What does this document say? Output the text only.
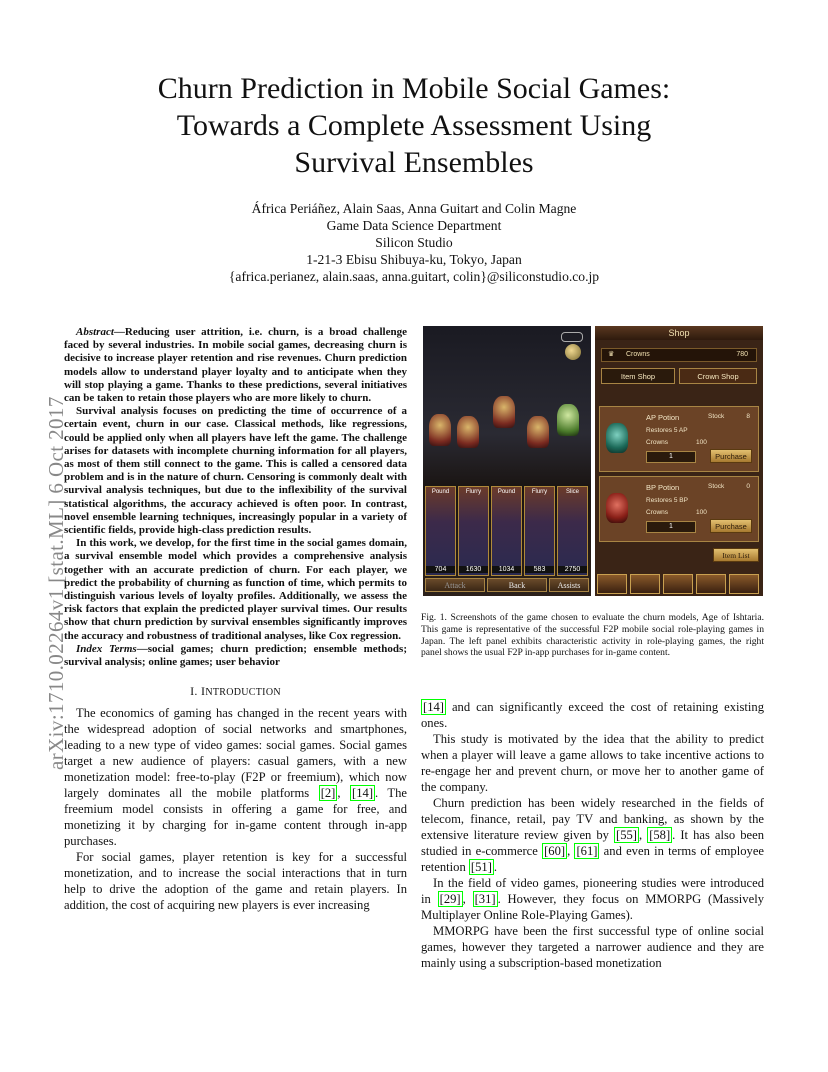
Churn Prediction in Mobile Social Games:
Towards a Complete Assessment Using
Survival Ensembles
África Periáñez, Alain Saas, Anna Guitart and Colin Magne
Game Data Science Department
Silicon Studio
1-21-3 Ebisu Shibuya-ku, Tokyo, Japan
{africa.perianez, alain.saas, anna.guitart, colin}@siliconstudio.co.jp
arXiv:1710.02264v1 [stat.ML] 6 Oct 2017

Abstract—Reducing user attrition, i.e. churn, is a broad challenge faced by several industries. In mobile social games, decreasing churn is decisive to increase player retention and rise revenues. Churn prediction models allow to understand player loyalty and to anticipate when they will stop playing a game. Thanks to these predictions, several initiatives can be taken to retain those players who are more likely to churn.

Survival analysis focuses on predicting the time of occurrence of a certain event, churn in our case. Classical methods, like regressions, could be applied only when all players have left the game. The challenge arises for datasets with incomplete churning information for all players, as most of them still connect to the game. This is called a censored data problem and is in the nature of churn. Censoring is commonly dealt with survival analysis techniques, but due to the inflexibility of the survival statistical algorithms, the accuracy achieved is often poor. In contrast, novel ensemble learning techniques, increasingly popular in a variety of scientific fields, provide high-class prediction results.

In this work, we develop, for the first time in the social games domain, a survival ensemble model which provides a comprehensive analysis together with an accurate prediction of churn. For each player, we predict the probability of churning as function of time, which permits to distinguish various levels of loyalty profiles. Additionally, we assess the risk factors that explain the predicted player survival times. Our results show that churn prediction by survival ensembles significantly improves the accuracy and robustness of traditional analyses, like Cox regression.

Index Terms—social games; churn prediction; ensemble methods; survival analysis; online games; user behavior

I. INTRODUCTION

The economics of gaming has changed in the recent years with the widespread adoption of social networks and smartphones, leading to a new type of video games: social games. Social games target a new audience of players: casual gamers, with a new monetization model: free-to-play (F2P or freemium), which now largely dominates all the mobile platforms [2] , [14] . The freemium model consists in offering a game for free, and monetizing it by charging for in-game content through in-app purchases.

For social games, player retention is key for a successful monetization, and to increase the social interactions that in turn help to drive the adoption of the game and retain players. In addition, the cost of acquiring new players is ever increasing

Pound
704
Flurry
1630
Pound
1034
Flurry
583
Slice
2750
Attack	Back	Assists
Shop
♛ Crowns	780
Item Shop	Crown Shop
AP Potion	Stock	8
Restores 5 AP
Crowns	100
1	Purchase
BP Potion	Stock	0
Restores 5 BP
Crowns	100
1	Purchase
Item List
Fig. 1. Screenshots of the game chosen to evaluate the churn models, Age of Ishtaria. This game is representative of the successful F2P mobile social role-playing games in Japan. The left panel exhibits characteristic activity in role-playing games, the right panel shows the usual F2P in-app purchases for in-game content.

[14] and can significantly exceed the cost of retaining existing ones.

This study is motivated by the idea that the ability to predict when a player will leave a game allows to take incentive actions to re-engage her and prevent churn, or move her to another game of the company.

Churn prediction has been widely researched in the fields of telecom, finance, retail, pay TV and banking, as shown by the extensive literature review given by [55] , [58] . It has also been studied in e-commerce [60] , [61] and even in terms of employee retention [51] .

In the field of video games, pioneering studies were introduced in [29] , [31] . However, they focus on MMORPG (Massively Multiplayer Online Role-Playing Games).

MMORPG have been the first successful type of online social games, however they targeted a narrower audience and they are mainly using a subscription-based monetization
